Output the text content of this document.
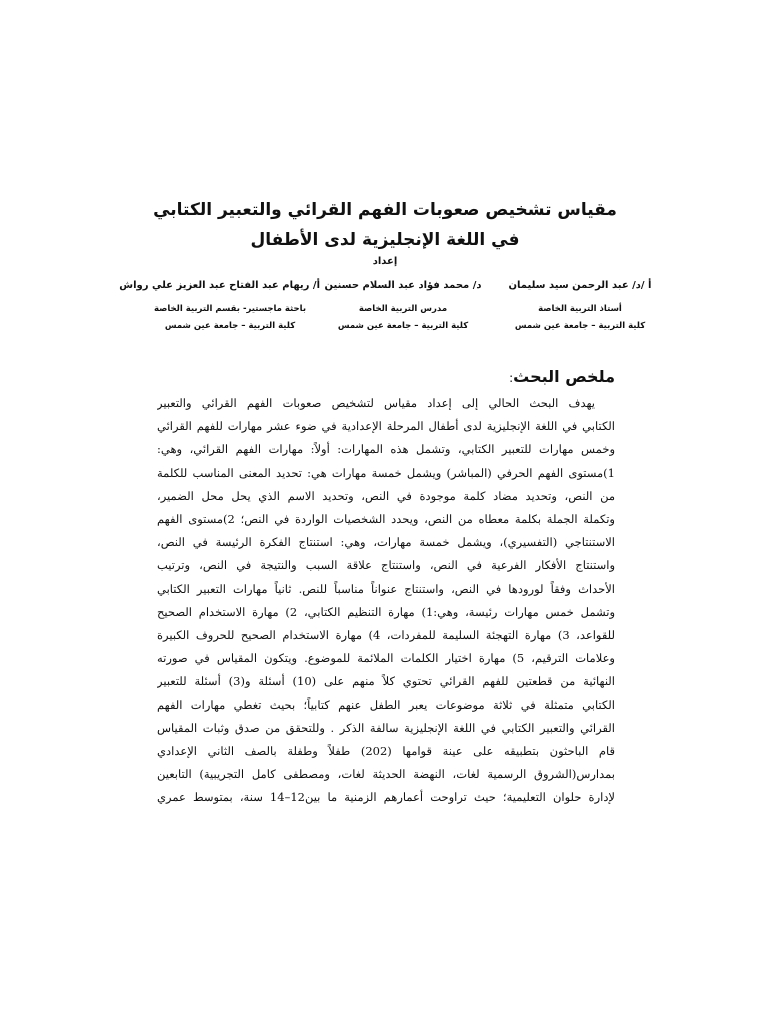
مقياس تشخيص صعوبات الفهم القرائي والتعبير الكتابي
في اللغة الإنجليزية لدى الأطفال
إعداد
أ /د/ عبد الرحمن سيد سليمان
أستاذ التربية الخاصة
كلية التربية – جامعة عين شمس
د/ محمد فؤاد عبد السلام حسنين
مدرس التربية الخاصة
كلية التربية – جامعة عين شمس
أ/ ريهام عبد الفتاح عبد العزيز علي رواش
باحثة ماجستير- بقسم التربية الخاصة
كلية التربية – جامعة عين شمس
ملخص البحث:
يهدف البحث الحالي إلى إعداد مقياس لتشخيص صعوبات الفهم القرائي والتعبير
الكتابي في اللغة الإنجليزية لدى أطفال المرحلة الإعدادية في ضوء عشر مهارات للفهم القرائي
وخمس مهارات للتعبير الكتابي، وتشمل هذه المهارات: أولاً: مهارات الفهم القرائي، وهي:
1)مستوى الفهم الحرفي (المباشر) ويشمل خمسة مهارات هي: تحديد المعنى المناسب للكلمة
من النص، وتحديد مضاد كلمة موجودة في النص، وتحديد الاسم الذي يحل محل الضمير،
وتكملة الجملة بكلمة معطاه من النص، ويحدد الشخصيات الواردة في النص؛ 2)مستوى الفهم
الاستنتاجي (التفسيري)، ويشمل خمسة مهارات، وهي: استنتاج الفكرة الرئيسة في النص،
واستنتاج الأفكار الفرعية في النص، واستنتاج علاقة السبب والنتيجة في النص، وترتيب
الأحداث وفقاً لورودها في النص، واستنتاج عنواناً مناسباً للنص. ثانياً مهارات التعبير الكتابي
وتشمل خمس مهارات رئيسة، وهي:1) مهارة التنظيم الكتابي، 2) مهارة الاستخدام الصحيح
للقواعد، 3) مهارة التهجئة السليمة للمفردات، 4) مهارة الاستخدام الصحيح للحروف الكبيرة
وعلامات الترقيم، 5) مهارة اختيار الكلمات الملائمة للموضوع. ويتكون المقياس في صورته
النهائية من قطعتين للفهم القرائي تحتوي كلاً منهم على (10) أسئلة و(3) أسئلة للتعبير
الكتابي متمثلة في ثلاثة موضوعات يعبر الطفل عنهم كتابياً؛ بحيث تغطي مهارات الفهم
القرائي والتعبير الكتابي في اللغة الإنجليزية سالفة الذكر . وللتحقق من صدق وثبات المقياس
قام الباحثون بتطبيقه على عينة قوامها (202) طفلاً وطفلة بالصف الثاني الإعدادي
بمدارس(الشروق الرسمية لغات، النهضة الحديثة لغات، ومصطفى كامل التجريبية) التابعين
لإدارة حلوان التعليمية؛ حيث تراوحت أعمارهم الزمنية ما بين12–14 سنة، بمتوسط عمري
